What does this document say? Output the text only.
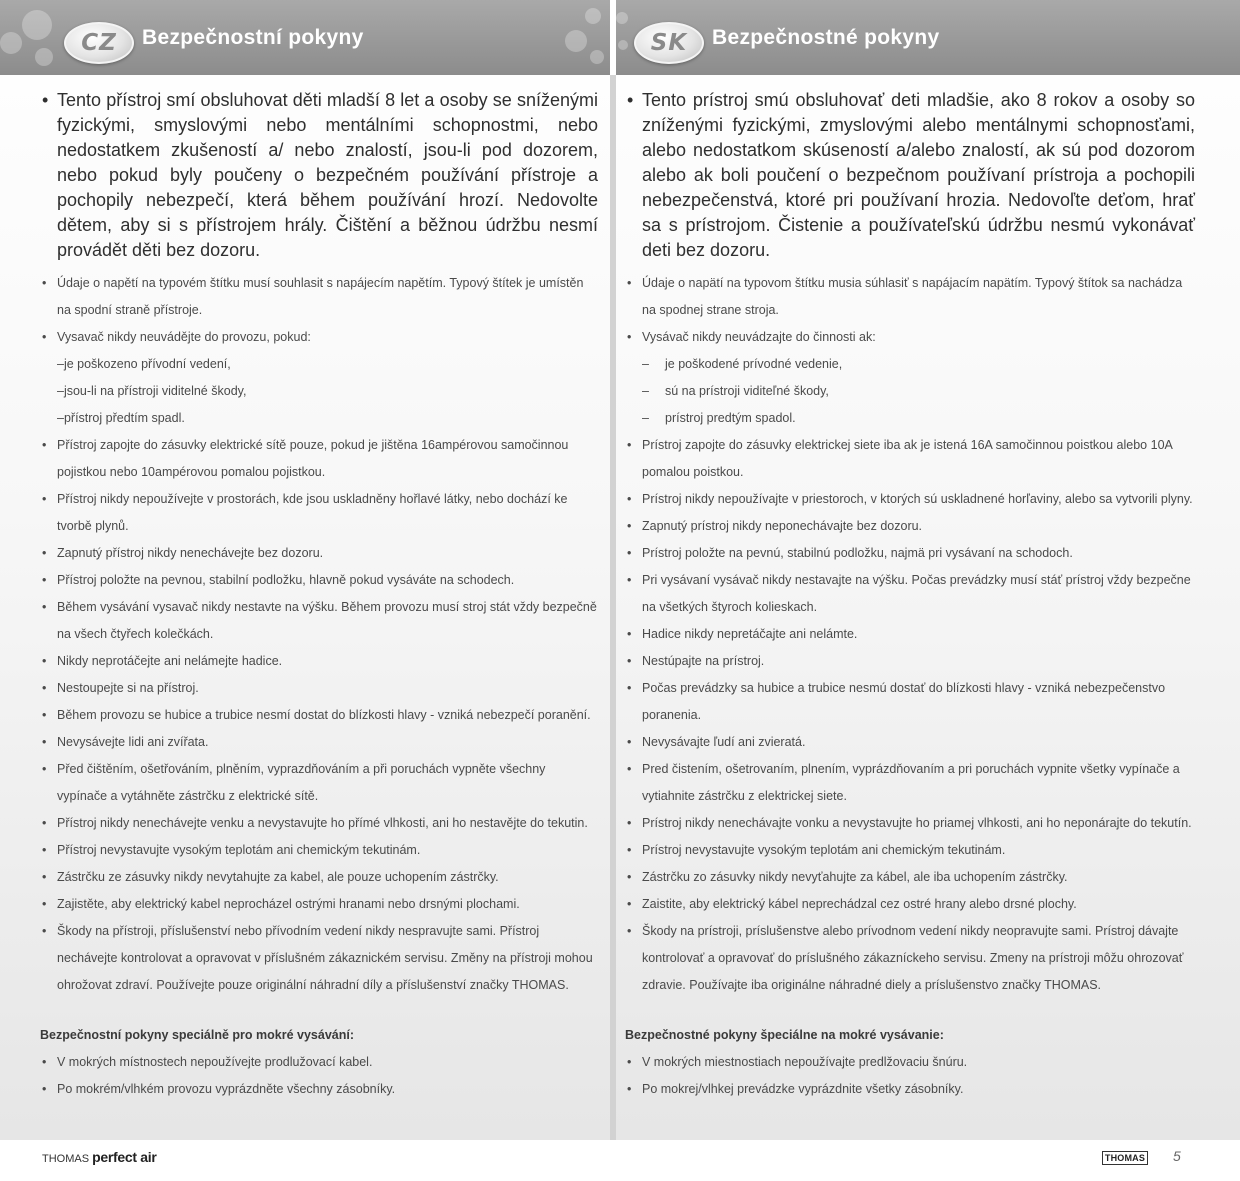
CZ	Bezpečnostní pokyny

• Tento přístroj smí obsluhovat děti mladší 8 let a osoby se sníženými fyzickými, smyslovými nebo mentálními schopnostmi, nebo nedostatkem zkušeností a/ nebo znalostí, jsou-li pod dozorem, nebo pokud byly poučeny o bezpečném používání přístroje a pochopily nebezpečí, která během používání hrozí. Nedovolte dětem, aby si s přístrojem hrály. Čištění a běžnou údržbu nesmí provádět děti bez dozoru.

• Údaje o napětí na typovém štítku musí souhlasit s napájecím napětím. Typový štítek je umístěn na spodní straně přístroje.
• Vysavač nikdy neuvádějte do provozu, pokud:
–je poškozeno přívodní vedení,
–jsou-li na přístroji viditelné škody,
–přístroj předtím spadl.
• Přístroj zapojte do zásuvky elektrické sítě pouze, pokud je jištěna 16ampérovou samočinnou pojistkou nebo 10ampérovou pomalou pojistkou.
• Přístroj nikdy nepoužívejte v prostorách, kde jsou uskladněny hořlavé látky, nebo dochází ke tvorbě plynů.
• Zapnutý přístroj nikdy nenechávejte bez dozoru.
• Přístroj položte na pevnou, stabilní podložku, hlavně pokud vysáváte na schodech.
• Během vysávání vysavač nikdy nestavte na výšku. Během provozu musí stroj stát vždy bezpečně na všech čtyřech kolečkách.
• Nikdy neprotáčejte ani nelámejte hadice.
• Nestoupejte si na přístroj.
• Během provozu se hubice a trubice nesmí dostat do blízkosti hlavy - vzniká nebezpečí poranění.
• Nevysávejte lidi ani zvířata.
• Před čištěním, ošetřováním, plněním, vyprazdňováním a při poruchách vypněte všechny vypínače a vytáhněte zástrčku z elektrické sítě.
• Přístroj nikdy nenechávejte venku a nevystavujte ho přímé vlhkosti, ani ho nestavějte do tekutin.
• Přístroj nevystavujte vysokým teplotám ani chemickým tekutinám.
• Zástrčku ze zásuvky nikdy nevytahujte za kabel, ale pouze uchopením zástrčky.
• Zajistěte, aby elektrický kabel neprocházel ostrými hranami nebo drsnými plochami.
• Škody na přístroji, příslušenství nebo přívodním vedení nikdy nespravujte sami. Přístroj nechávejte kontrolovat a opravovat v příslušném zákaznickém servisu. Změny na přístroji mohou ohrožovat zdraví. Používejte pouze originální náhradní díly a příslušenství značky THOMAS.
Bezpečnostní pokyny speciálně pro mokré vysávání:
• V mokrých místnostech nepoužívejte prodlužovací kabel.
• Po mokrém/vlhkém provozu vyprázdněte všechny zásobníky.
SK	Bezpečnostné pokyny

• Tento prístroj smú obsluhovať deti mladšie, ako 8 rokov a osoby so zníženými fyzickými, zmyslovými alebo mentálnymi schopnosťami, alebo nedostatkom skúseností a/alebo znalostí, ak sú pod dozorom alebo ak boli poučení o bezpečnom používaní prístroja a pochopili nebezpečenstvá, ktoré pri používaní hrozia. Nedovoľte deťom, hrať sa s prístrojom. Čistenie a používateľskú údržbu nesmú vykonávať deti bez dozoru.

• Údaje o napätí na typovom štítku musia súhlasiť s napájacím napätím. Typový štítok sa nachádza na spodnej strane stroja.
• Vysávač nikdy neuvádzajte do činnosti ak:
– je poškodené prívodné vedenie,
– sú na prístroji viditeľné škody,
– prístroj predtým spadol.
• Prístroj zapojte do zásuvky elektrickej siete iba ak je istená 16A samočinnou poistkou alebo 10A pomalou poistkou.
• Prístroj nikdy nepoužívajte v priestoroch, v ktorých sú uskladnené horľaviny, alebo sa vytvorili plyny.
• Zapnutý prístroj nikdy neponechávajte bez dozoru.
• Prístroj položte na pevnú, stabilnú podložku, najmä pri vysávaní na schodoch.
• Pri vysávaní vysávač nikdy nestavajte na výšku. Počas prevádzky musí stáť prístroj vždy bezpečne na všetkých štyroch kolieskach.
• Hadice nikdy nepretáčajte ani nelámte.
• Nestúpajte na prístroj.
• Počas prevádzky sa hubice a trubice nesmú dostať do blízkosti hlavy - vzniká nebezpečenstvo poranenia.
• Nevysávajte ľudí ani zvieratá.
• Pred čistením, ošetrovaním, plnením, vyprázdňovaním a pri poruchách vypnite všetky vypínače a vytiahnite zástrčku z elektrickej siete.
• Prístroj nikdy nenechávajte vonku a nevystavujte ho priamej vlhkosti, ani ho neponárajte do tekutín.
• Prístroj nevystavujte vysokým teplotám ani chemickým tekutinám.
• Zástrčku zo zásuvky nikdy nevyťahujte za kábel, ale iba uchopením zástrčky.
• Zaistite, aby elektrický kábel neprechádzal cez ostré hrany alebo drsné plochy.
• Škody na prístroji, príslušenstve alebo prívodnom vedení nikdy neopravujte sami. Prístroj dávajte kontrolovať a opravovať do príslušného zákazníckeho servisu. Zmeny na prístroji môžu ohrozovať zdravie. Používajte iba originálne náhradné diely a príslušenstvo značky THOMAS.
Bezpečnostné pokyny špeciálne na mokré vysávanie:
• V mokrých miestnostiach nepoužívajte predlžovaciu šnúru.
• Po mokrej/vlhkej prevádzke vyprázdnite všetky zásobníky.
THOMAS perfect air	THOMAS 5
